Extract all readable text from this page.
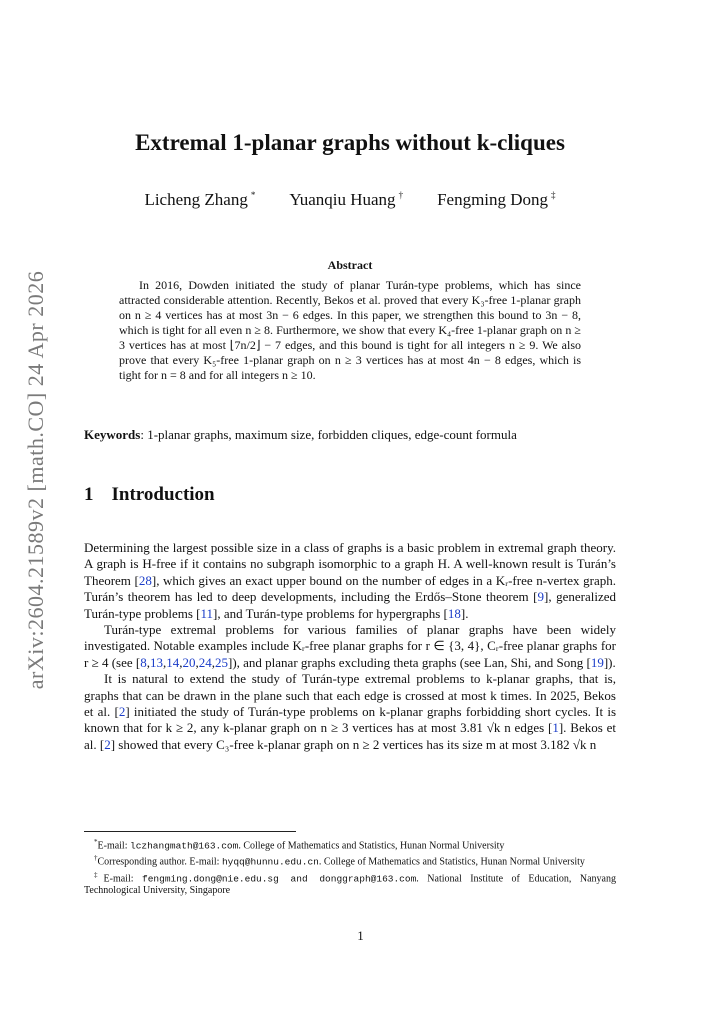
arXiv:2604.21589v2 [math.CO] 24 Apr 2026
Extremal 1-planar graphs without k-cliques
Licheng Zhang * Yuanqiu Huang † Fengming Dong ‡
Abstract

In 2016, Dowden initiated the study of planar Turán-type problems, which has since attracted considerable attention. Recently, Bekos et al. proved that every K₃-free 1-planar graph on n ≥ 4 vertices has at most 3n − 6 edges. In this paper, we strengthen this bound to 3n − 8, which is tight for all even n ≥ 8. Furthermore, we show that every K₄-free 1-planar graph on n ≥ 3 vertices has at most ⌊7n/2⌋ − 7 edges, and this bound is tight for all integers n ≥ 9. We also prove that every K₅-free 1-planar graph on n ≥ 3 vertices has at most 4n − 8 edges, which is tight for n = 8 and for all integers n ≥ 10.

Keywords: 1-planar graphs, maximum size, forbidden cliques, edge-count formula
1 Introduction

Determining the largest possible size in a class of graphs is a basic problem in extremal graph theory. A graph is H-free if it contains no subgraph isomorphic to a graph H. A well-known result is Turán’s Theorem [28], which gives an exact upper bound on the number of edges in a Kᵣ-free n-vertex graph. Turán’s theorem has led to deep developments, including the Erdős–Stone theorem [9], generalized Turán-type problems [11], and Turán-type problems for hypergraphs [18].

Turán-type extremal problems for various families of planar graphs have been widely investigated. Notable examples include Kᵣ-free planar graphs for r ∈ {3, 4}, Cᵣ-free planar graphs for r ≥ 4 (see [8,13,14,20,24,25]), and planar graphs excluding theta graphs (see Lan, Shi, and Song [19]).

It is natural to extend the study of Turán-type extremal problems to k-planar graphs, that is, graphs that can be drawn in the plane such that each edge is crossed at most k times. In 2025, Bekos et al. [2] initiated the study of Turán-type problems on k-planar graphs forbidding short cycles. It is known that for k ≥ 2, any k-planar graph on n ≥ 3 vertices has at most 3.81 √k n edges [1]. Bekos et al. [2] showed that every C₃-free k-planar graph on n ≥ 2 vertices has its size m at most 3.182 √k n

*E-mail: lczhangmath@163.com. College of Mathematics and Statistics, Hunan Normal University

†Corresponding author. E-mail: hyqq@hunnu.edu.cn. College of Mathematics and Statistics, Hunan Normal University

‡E-mail: fengming.dong@nie.edu.sg and donggraph@163.com. National Institute of Education, Nanyang Technological University, Singapore

1
